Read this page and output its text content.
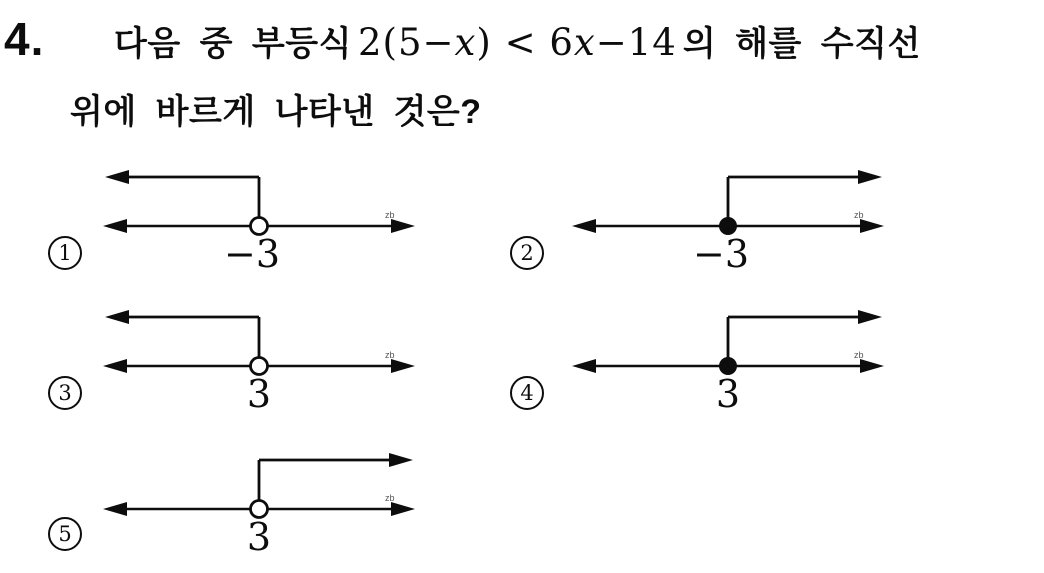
4.	다음 중 부등식 2(5−x) < 6x−14 의 해를 수직선
위에 바르게 나타낸 것은?
1	−3
zb
2	−3
zb
3	3
zb
4	3
zb
5	3
zb
